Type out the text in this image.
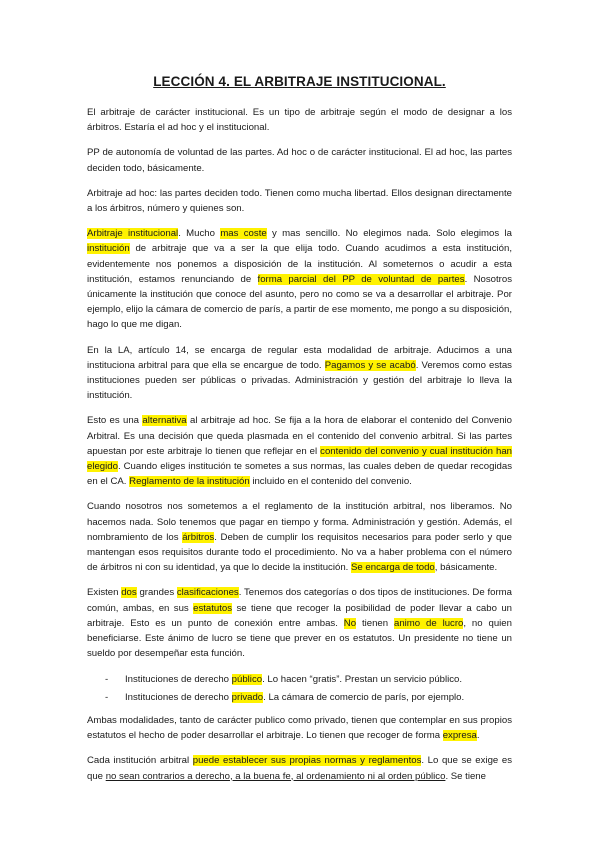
LECCIÓN 4. EL ARBITRAJE INSTITUCIONAL.

El arbitraje de carácter institucional. Es un tipo de arbitraje según el modo de designar a los árbitros. Estaría el ad hoc y el institucional.

PP de autonomía de voluntad de las partes. Ad hoc o de carácter institucional. El ad hoc, las partes deciden todo, básicamente.

Arbitraje ad hoc: las partes deciden todo. Tienen como mucha libertad. Ellos designan directamente a los árbitros, número y quienes son.

Arbitraje institucional. Mucho mas coste y mas sencillo. No elegimos nada. Solo elegimos la institución de arbitraje que va a ser la que elija todo. Cuando acudimos a esta institución, evidentemente nos ponemos a disposición de la institución. Al someternos o acudir a esta institución, estamos renunciando de forma parcial del PP de voluntad de partes. Nosotros únicamente la institución que conoce del asunto, pero no como se va a desarrollar el arbitraje. Por ejemplo, elijo la cámara de comercio de parís, a partir de ese momento, me pongo a su disposición, hago lo que me digan.

En la LA, artículo 14, se encarga de regular esta modalidad de arbitraje. Aducimos a una instituciona arbitral para que ella se encargue de todo. Pagamos y se acabó. Veremos como estas instituciones pueden ser públicas o privadas. Administración y gestión del arbitraje lo lleva la institución.

Esto es una alternativa al arbitraje ad hoc. Se fija a la hora de elaborar el contenido del Convenio Arbitral. Es una decisión que queda plasmada en el contenido del convenio arbitral. Si las partes apuestan por este arbitraje lo tienen que reflejar en el contenido del convenio y cual institución han elegido. Cuando eliges institución te sometes a sus normas, las cuales deben de quedar recogidas en el CA. Reglamento de la institución incluido en el contenido del convenio.

Cuando nosotros nos sometemos a el reglamento de la institución arbitral, nos liberamos. No hacemos nada. Solo tenemos que pagar en tiempo y forma. Administración y gestión. Además, el nombramiento de los árbitros. Deben de cumplir los requisitos necesarios para poder serlo y que mantengan esos requisitos durante todo el procedimiento. No va a haber problema con el número de árbitros ni con su identidad, ya que lo decide la institución. Se encarga de todo, básicamente.

Existen dos grandes clasificaciones. Tenemos dos categorías o dos tipos de instituciones. De forma común, ambas, en sus estatutos se tiene que recoger la posibilidad de poder llevar a cabo un arbitraje. Esto es un punto de conexión entre ambas. No tienen animo de lucro, no quien beneficiarse. Este ánimo de lucro se tiene que prever en os estatutos. Un presidente no tiene un sueldo por desempeñar esta función.

-	Instituciones de derecho público. Lo hacen “gratis”. Prestan un servicio público.
-	Instituciones de derecho privado. La cámara de comercio de parís, por ejemplo.

Ambas modalidades, tanto de carácter publico como privado, tienen que contemplar en sus propios estatutos el hecho de poder desarrollar el arbitraje. Lo tienen que recoger de forma expresa.

Cada institución arbitral puede establecer sus propias normas y reglamentos. Lo que se exige es que no sean contrarios a derecho, a la buena fe, al ordenamiento ni al orden público. Se tiene
